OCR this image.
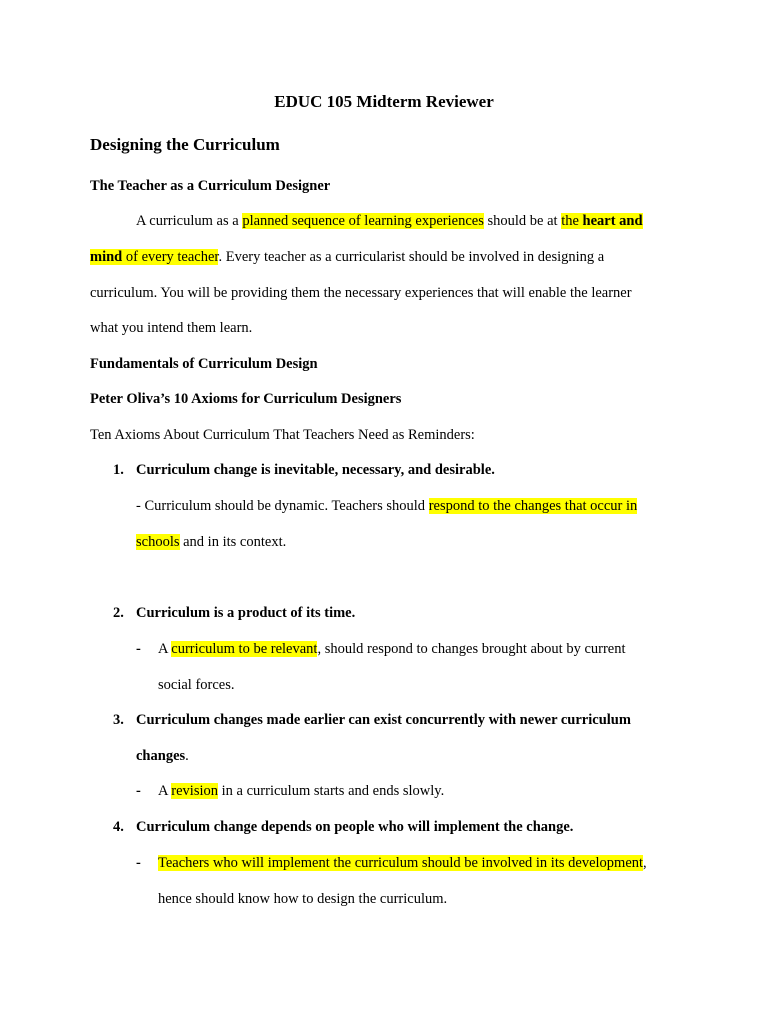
EDUC 105 Midterm Reviewer
Designing the Curriculum
The Teacher as a Curriculum Designer
A curriculum as a planned sequence of learning experiences should be at the heart and
mind of every teacher. Every teacher as a curricularist should be involved in designing a
curriculum. You will be providing them the necessary experiences that will enable the learner
what you intend them learn.
Fundamentals of Curriculum Design
Peter Oliva’s 10 Axioms for Curriculum Designers
Ten Axioms About Curriculum That Teachers Need as Reminders:
1. Curriculum change is inevitable, necessary, and desirable.
- Curriculum should be dynamic. Teachers should respond to the changes that occur in
schools and in its context.
2. Curriculum is a product of its time.
- A curriculum to be relevant, should respond to changes brought about by current
social forces.
3. Curriculum changes made earlier can exist concurrently with newer curriculum
changes.
- A revision in a curriculum starts and ends slowly.
4. Curriculum change depends on people who will implement the change.
- Teachers who will implement the curriculum should be involved in its development,
hence should know how to design the curriculum.
